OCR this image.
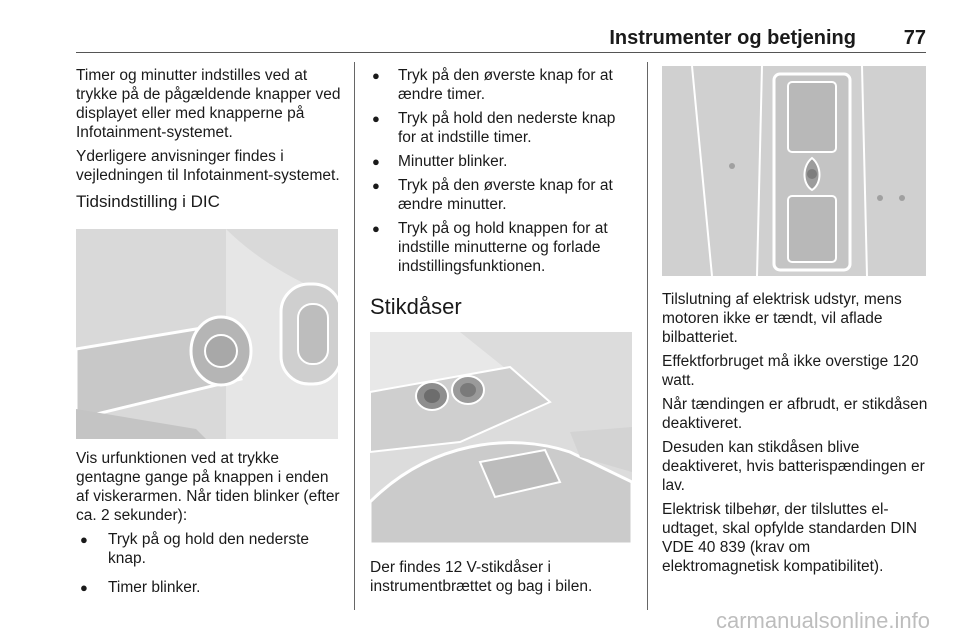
Instrumenter og betjening	77

Timer og minutter indstilles ved at trykke på de pågældende knapper ved displayet eller med knapperne på Infotainment-systemet.

Yderligere anvisninger findes i vejledningen til Infotainment-systemet.

Tidsindstilling i DIC

Vis urfunktionen ved at trykke gentagne gange på knappen i enden af viskerarmen. Når tiden blinker (efter ca. 2 sekunder):

● Tryk på og hold den nederste knap.
● Timer blinker.
● Tryk på den øverste knap for at ændre timer.
● Tryk på hold den nederste knap for at indstille timer.
● Minutter blinker.
● Tryk på den øverste knap for at ændre minutter.
● Tryk på og hold knappen for at indstille minutterne og forlade indstillingsfunktionen.
Stikdåser

Der findes 12 V-stikdåser i instrumentbrættet og bag i bilen.

Tilslutning af elektrisk udstyr, mens motoren ikke er tændt, vil aflade bilbatteriet.

Effektforbruget må ikke overstige 120 watt.

Når tændingen er afbrudt, er stikdåsen deaktiveret.

Desuden kan stikdåsen blive deaktiveret, hvis batterispændingen er lav.

Elektrisk tilbehør, der tilsluttes el-udtaget, skal opfylde standarden DIN VDE 40 839 (krav om elektromagnetisk kompatibilitet).

carmanualsonline.info
